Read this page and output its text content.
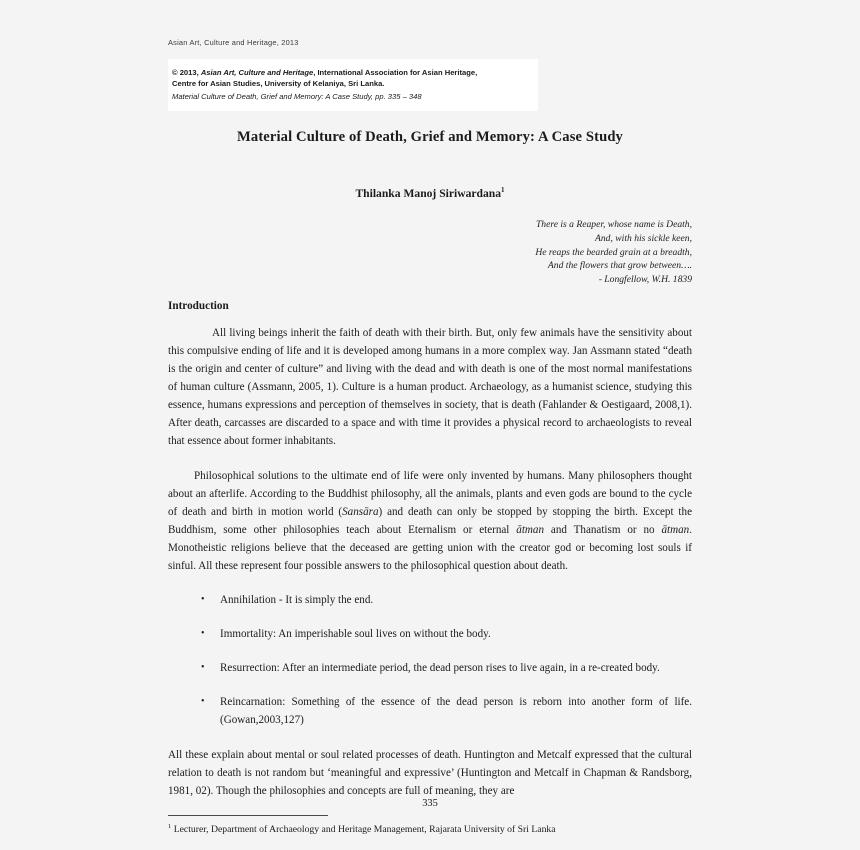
Asian Art, Culture and Heritage, 2013
© 2013, Asian Art, Culture and Heritage, International Association for Asian Heritage,
Centre for Asian Studies, University of Kelaniya, Sri Lanka.
Material Culture of Death, Grief and Memory: A Case Study, pp. 335 – 348
Material Culture of Death, Grief and Memory: A Case Study
Thilanka Manoj Siriwardana$^1$
There is a Reaper, whose name is Death,
And, with his sickle keen,
He reaps the bearded grain at a breadth,
And the flowers that grow between….
- Longfellow, W.H. 1839
Introduction

All living beings inherit the faith of death with their birth. But, only few animals have the sensitivity about this compulsive ending of life and it is developed among humans in a more complex way. Jan Assmann stated “death is the origin and center of culture” and living with the dead and with death is one of the most normal manifestations of human culture (Assmann, 2005, 1). Culture is a human product. Archaeology, as a humanist science, studying this essence, humans expressions and perception of themselves in society, that is death (Fahlander & Oestigaard, 2008,1). After death, carcasses are discarded to a space and with time it provides a physical record to archaeologists to reveal that essence about former inhabitants.

Philosophical solutions to the ultimate end of life were only invented by humans. Many philosophers thought about an afterlife. According to the Buddhist philosophy, all the animals, plants and even gods are bound to the cycle of death and birth in motion world (Sansāra) and death can only be stopped by stopping the birth. Except the Buddhism, some other philosophies teach about Eternalism or eternal ātman and Thanatism or no ātman. Monotheistic religions believe that the deceased are getting union with the creator god or becoming lost souls if sinful. All these represent four possible answers to the philosophical question about death.

• Annihilation - It is simply the end.
• Immortality: An imperishable soul lives on without the body.
• Resurrection: After an intermediate period, the dead person rises to live again, in a re-created body.
• Reincarnation: Something of the essence of the dead person is reborn into another form of life. (Gowan,2003,127)

All these explain about mental or soul related processes of death. Huntington and Metcalf expressed that the cultural relation to death is not random but ‘meaningful and expressive’ (Huntington and Metcalf in Chapman & Randsborg, 1981, 02). Though the philosophies and concepts are full of meaning, they are

$^1$ Lecturer, Department of Archaeology and Heritage Management, Rajarata University of Sri Lanka
335
